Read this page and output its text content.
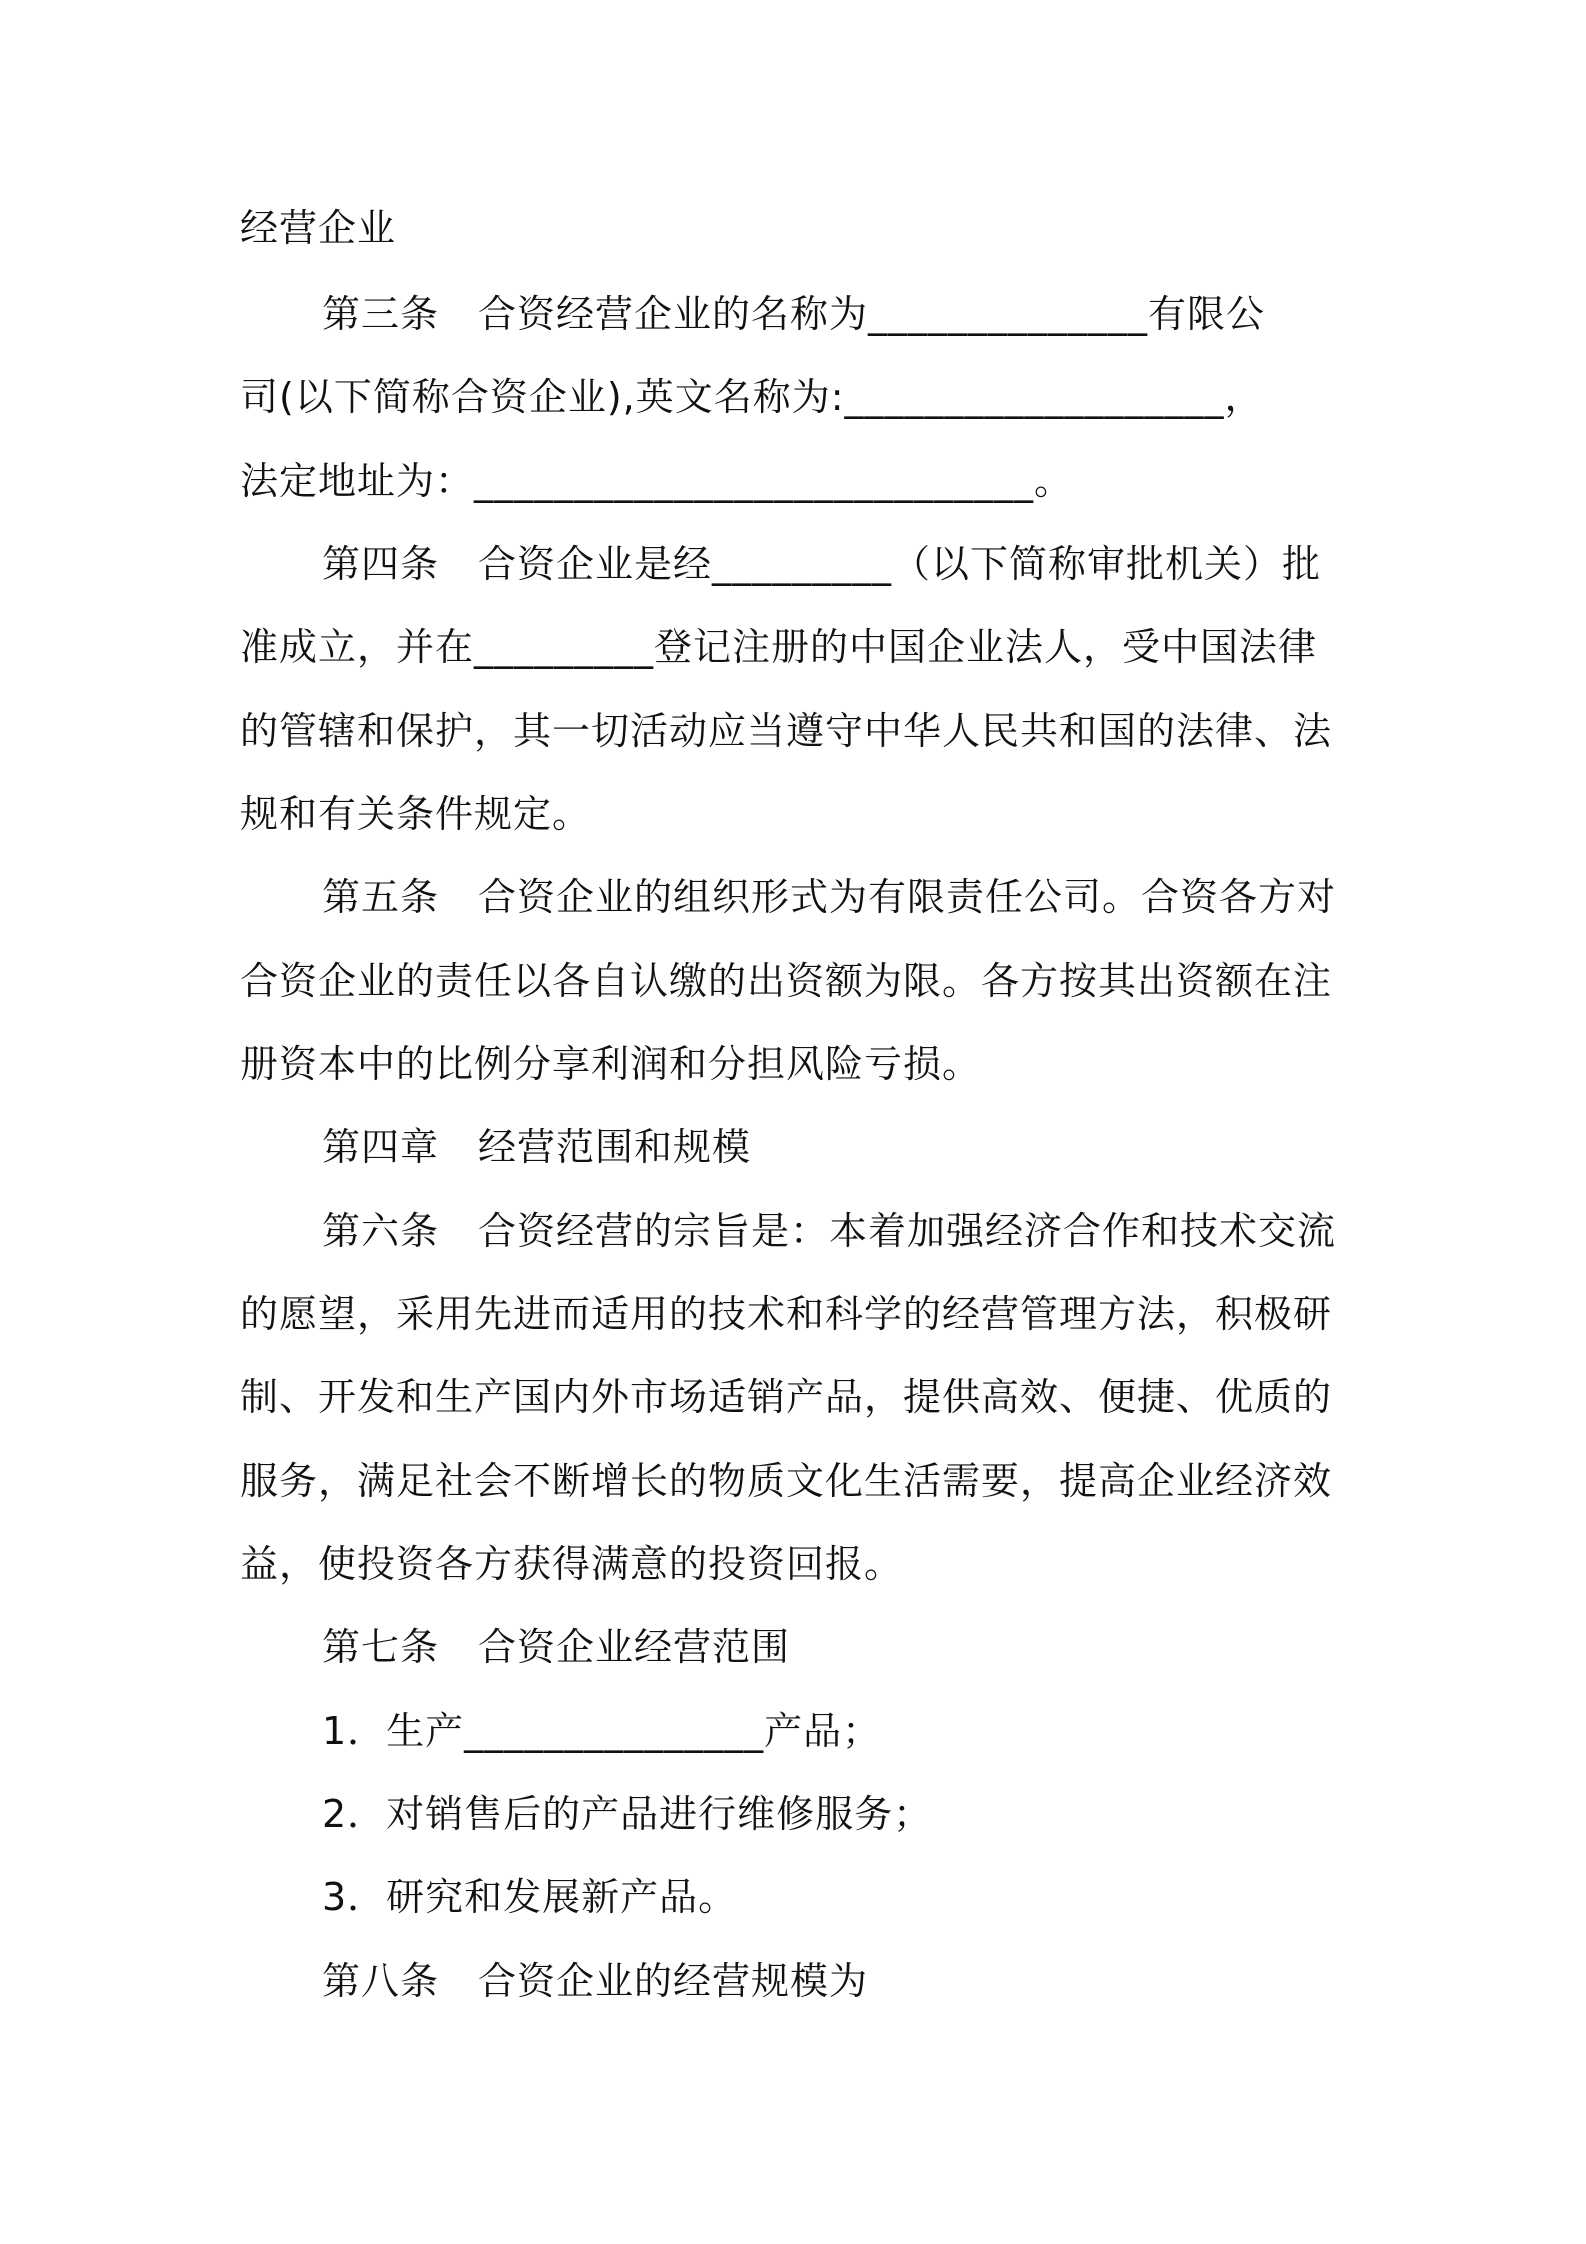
经营企业
第三条　合资经营企业的名称为______________有限公
司(以下简称合资企业),英文名称为:___________________，
法定地址为：____________________________。
第四条　合资企业是经_________（以下简称审批机关）批
准成立，并在_________登记注册的中国企业法人，受中国法律
的管辖和保护，其一切活动应当遵守中华人民共和国的法律、法
规和有关条件规定。
第五条　合资企业的组织形式为有限责任公司。合资各方对
合资企业的责任以各自认缴的出资额为限。各方按其出资额在注
册资本中的比例分享利润和分担风险亏损。
第四章　经营范围和规模
第六条　合资经营的宗旨是：本着加强经济合作和技术交流
的愿望，采用先进而适用的技术和科学的经营管理方法，积极研
制、开发和生产国内外市场适销产品，提供高效、便捷、优质的
服务，满足社会不断增长的物质文化生活需要，提高企业经济效
益，使投资各方获得满意的投资回报。
第七条　合资企业经营范围
1．生产_______________产品；
2．对销售后的产品进行维修服务；
3．研究和发展新产品。
第八条　合资企业的经营规模为
